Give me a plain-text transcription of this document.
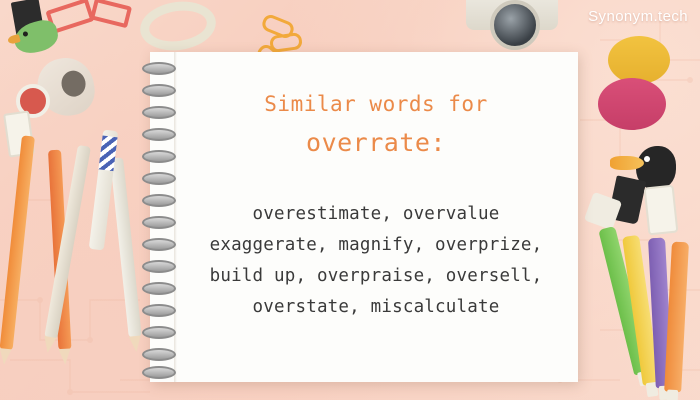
Synonym.tech
Similar words for
overrate:
overestimate, overvalue
exaggerate, magnify, overprize,
build up, overpraise, oversell,
overstate, miscalculate
